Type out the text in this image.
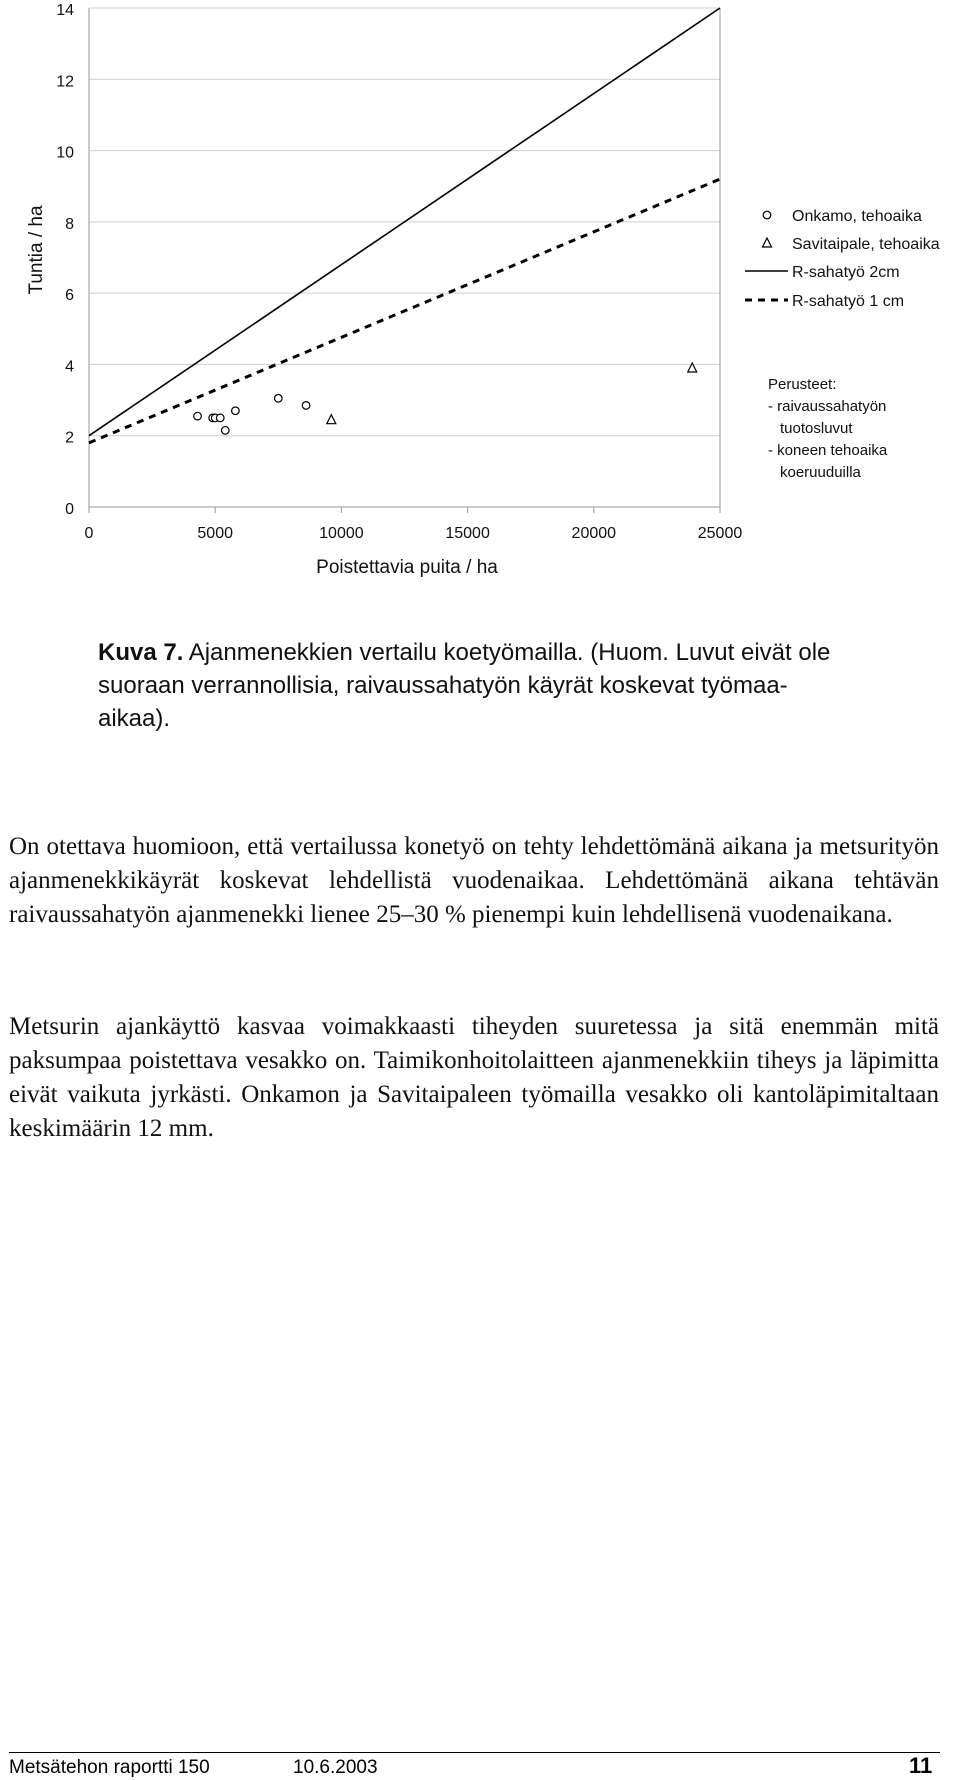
0
2
4
6
8
10
12
14
0	5000	10000	15000	20000	25000
Onkamo, tehoaika
Savitaipale, tehoaika
R-sahatyö 2cm
R-sahatyö 1 cm
Perusteet:
- raivaussahatyön
tuotosluvut
- koneen tehoaika
koeruuduilla
Poistettavia puita / ha
Tuntia / ha
Kuva 7. Ajanmenekkien vertailu koetyömailla. (Huom. Luvut eivät ole suoraan verrannollisia, raivaussahatyön käyrät koskevat työmaa-aikaa).

On otettava huomioon, että vertailussa konetyö on tehty lehdettömänä aikana ja metsurityön ajanmenekkikäyrät koskevat lehdellistä vuodenaikaa. Lehdettömänä aikana tehtävän raivaussahatyön ajanmenekki lienee 25–30 % pienempi kuin lehdellisenä vuodenaikana.

Metsurin ajankäyttö kasvaa voimakkaasti tiheyden suuretessa ja sitä enemmän mitä paksumpaa poistettava vesakko on. Taimikonhoitolaitteen ajanmenekkiin tiheys ja läpimitta eivät vaikuta jyrkästi. Onkamon ja Savitaipaleen työmailla vesakko oli kantoläpimitaltaan keskimäärin 12 mm.

Metsätehon raportti 150	10.6.2003	11
